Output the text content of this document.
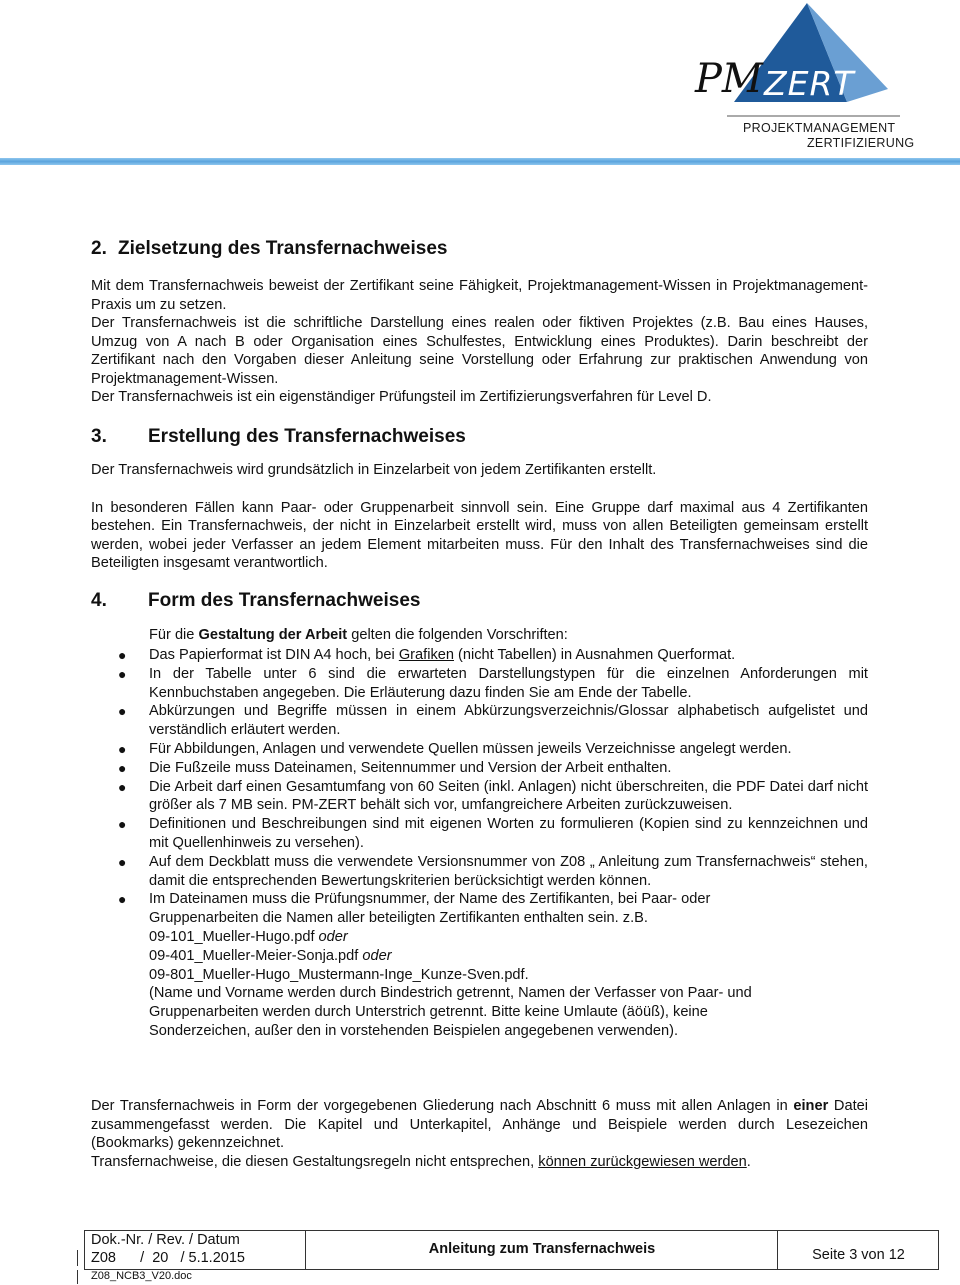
PM ZERT
PROJEKTMANAGEMENT
ZERTIFIZIERUNG
2. Zielsetzung des Transfernachweises
Mit dem Transfernachweis beweist der Zertifikant seine Fähigkeit, Projektmanagement-Wissen in Projektmanagement-Praxis um zu setzen.
Der Transfernachweis ist die schriftliche Darstellung eines realen oder fiktiven Projektes (z.B. Bau eines Hauses, Umzug von A nach B oder Organisation eines Schulfestes, Entwicklung eines Produktes). Darin beschreibt der Zertifikant nach den Vorgaben dieser Anleitung seine Vorstellung oder Erfahrung zur praktischen Anwendung von Projektmanagement-Wissen.
Der Transfernachweis ist ein eigenständiger Prüfungsteil im Zertifizierungsverfahren für Level D.
3. Erstellung des Transfernachweises
Der Transfernachweis wird grundsätzlich in Einzelarbeit von jedem Zertifikanten erstellt.
In besonderen Fällen kann Paar- oder Gruppenarbeit sinnvoll sein. Eine Gruppe darf maximal aus 4 Zertifikanten bestehen. Ein Transfernachweis, der nicht in Einzelarbeit erstellt wird, muss von allen Beteiligten gemeinsam erstellt werden, wobei jeder Verfasser an jedem Element mitarbeiten muss. Für den Inhalt des Transfernachweises sind die Beteiligten insgesamt verantwortlich.
4. Form des Transfernachweises
Für die Gestaltung der Arbeit gelten die folgenden Vorschriften:
● Das Papierformat ist DIN A4 hoch, bei Grafiken (nicht Tabellen) in Ausnahmen Querformat.
● In der Tabelle unter 6 sind die erwarteten Darstellungstypen für die einzelnen Anforderungen mit Kennbuchstaben angegeben. Die Erläuterung dazu finden Sie am Ende der Tabelle.
● Abkürzungen und Begriffe müssen in einem Abkürzungsverzeichnis/Glossar alphabetisch aufgelistet und verständlich erläutert werden.
● Für Abbildungen, Anlagen und verwendete Quellen müssen jeweils Verzeichnisse angelegt werden.
● Die Fußzeile muss Dateinamen, Seitennummer und Version der Arbeit enthalten.
● Die Arbeit darf einen Gesamtumfang von 60 Seiten (inkl. Anlagen) nicht überschreiten, die PDF Datei darf nicht größer als 7 MB sein. PM-ZERT behält sich vor, umfangreichere Arbeiten zurückzuweisen.
● Definitionen und Beschreibungen sind mit eigenen Worten zu formulieren (Kopien sind zu kennzeichnen und mit Quellenhinweis zu versehen).
● Auf dem Deckblatt muss die verwendete Versionsnummer von Z08 „ Anleitung zum Transfernachweis“ stehen, damit die entsprechenden Bewertungskriterien berücksichtigt werden können.
● Im Dateinamen muss die Prüfungsnummer, der Name des Zertifikanten, bei Paar- oder
Gruppenarbeiten die Namen aller beteiligten Zertifikanten enthalten sein. z.B.
09-101_Mueller-Hugo.pdf oder
09-401_Mueller-Meier-Sonja.pdf oder
09-801_Mueller-Hugo_Mustermann-Inge_Kunze-Sven.pdf.
(Name und Vorname werden durch Bindestrich getrennt, Namen der Verfasser von Paar- und
Gruppenarbeiten werden durch Unterstrich getrennt. Bitte keine Umlaute (äöüß), keine
Sonderzeichen, außer den in vorstehenden Beispielen angegebenen verwenden).
Der Transfernachweis in Form der vorgegebenen Gliederung nach Abschnitt 6 muss mit allen Anlagen in einer Datei zusammengefasst werden. Die Kapitel und Unterkapitel, Anhänge und Beispiele werden durch Lesezeichen (Bookmarks) gekennzeichnet.
Transfernachweise, die diesen Gestaltungsregeln nicht entsprechen, können zurückgewiesen werden.
Dok.-Nr. / Rev. / Datum
Z08      /  20   / 5.1.2015
Anleitung zum Transfernachweis	Seite 3 von 12
Z08_NCB3_V20.doc
